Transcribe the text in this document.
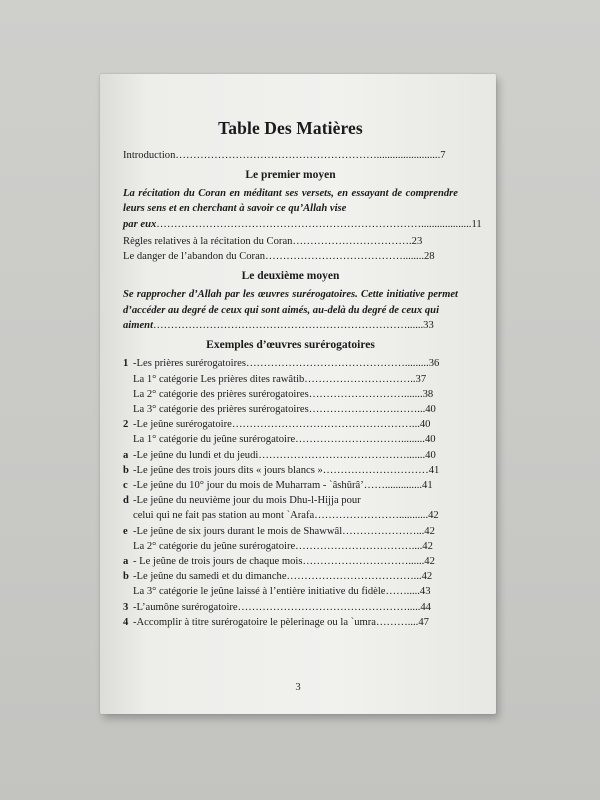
Table Des Matières
Introduction…………………………………………………........................7
Le premier moyen

La récitation du Coran en méditant ses versets, en essayant de comprendre leurs sens et en cherchant à savoir ce qu’Allah vise

par eux…………………………………………………………………...................11
Règles relatives à la récitation du Coran…………………………….23
Le danger de l’abandon du Coran…………………………………........28
Le deuxième moyen

Se rapprocher d’Allah par les œuvres surérogatoires. Cette initiative permet d’accéder au degré de ceux qui sont aimés, au-delà du degré de ceux qui

aiment………………………………………………………………......33
Exemples d’œuvres surérogatoires
1 -Les prières surérogatoires……………………………………….........36
La 1° catégorie Les prières dites rawâtib…………………………..37
La 2° catégorie des prières surérogatoires……………………….......38
La 3° catégorie des prières surérogatoires…………………….……...40
2 -Le jeûne surérogatoire……………………………………………...40
La 1° catégorie du jeûne surérogatoire………………………….........40
a -Le jeûne du lundi et du jeudi…………………………………….......40
b -Le jeûne des trois jours dits « jours blancs »…………………………41
c -Le jeûne du 10° jour du mois de Muharram - `âshûrâ’……..............41
d -Le jeûne du neuvième jour du mois Dhu-l-Hijja pour
celui qui ne fait pas station au mont `Arafa……………………...........42
e -Le jeûne de six jours durant le mois de Shawwâl…………………...42
La 2° catégorie du jeûne surérogatoire……………………………....42
a - Le jeûne de trois jours de chaque mois…………………………......42
b -Le jeûne du samedi et du dimanche………………………………...42
La 3° catégorie le jeûne laissé à l’entière initiative du fidèle…….....43
3 -L’aumône surérogatoire………………………………………….....44
4 -Accomplir à titre surérogatoire le pèlerinage ou la `umra………....47
3
